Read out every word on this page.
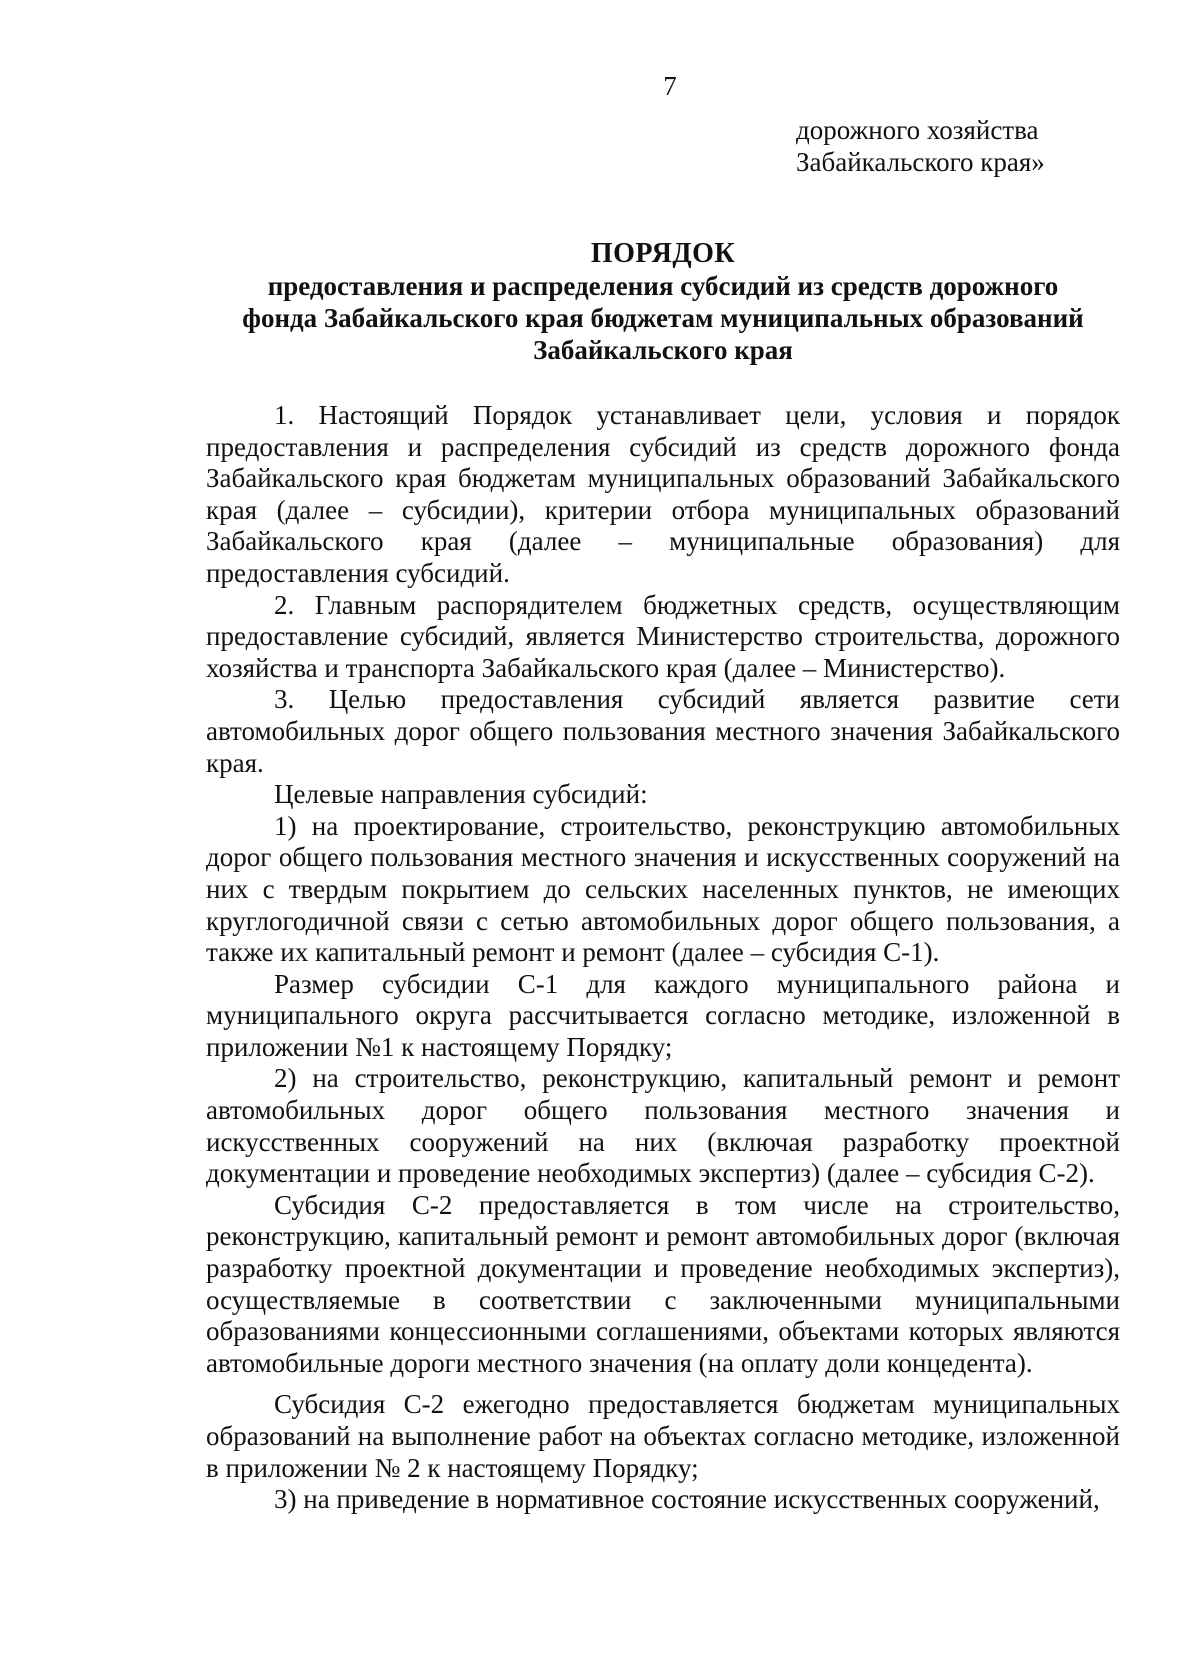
7
дорожного хозяйства
Забайкальского края»
ПОРЯДОК
предоставления и распределения субсидий из средств дорожного
фонда Забайкальского края бюджетам муниципальных образований
Забайкальского края

1. Настоящий Порядок устанавливает цели, условия и порядок предоставления и распределения субсидий из средств дорожного фонда Забайкальского края бюджетам муниципальных образований Забайкальского края (далее – субсидии), критерии отбора муниципальных образований Забайкальского края (далее – муниципальные образования) для предоставления субсидий.

2. Главным распорядителем бюджетных средств, осуществляющим предоставление субсидий, является Министерство строительства, дорожного хозяйства и транспорта Забайкальского края (далее – Министерство).

3. Целью предоставления субсидий является развитие сети автомобильных дорог общего пользования местного значения Забайкальского края.

Целевые направления субсидий:

1) на проектирование, строительство, реконструкцию автомобильных дорог общего пользования местного значения и искусственных сооружений на них с твердым покрытием до сельских населенных пунктов, не имеющих круглогодичной связи с сетью автомобильных дорог общего пользования, а также их капитальный ремонт и ремонт (далее – субсидия С-1).

Размер субсидии С-1 для каждого муниципального района и муниципального округа рассчитывается согласно методике, изложенной в приложении №1 к настоящему Порядку;

2) на строительство, реконструкцию, капитальный ремонт и ремонт автомобильных дорог общего пользования местного значения и искусственных сооружений на них (включая разработку проектной документации и проведение необходимых экспертиз) (далее – субсидия С-2).

Субсидия С-2 предоставляется в том числе на строительство, реконструкцию, капитальный ремонт и ремонт автомобильных дорог (включая разработку проектной документации и проведение необходимых экспертиз), осуществляемые в соответствии с заключенными муниципальными образованиями концессионными соглашениями, объектами которых являются автомобильные дороги местного значения (на оплату доли концедента).

Субсидия С-2 ежегодно предоставляется бюджетам муниципальных образований на выполнение работ на объектах согласно методике, изложенной в приложении № 2 к настоящему Порядку;

3) на приведение в нормативное состояние искусственных сооружений,
